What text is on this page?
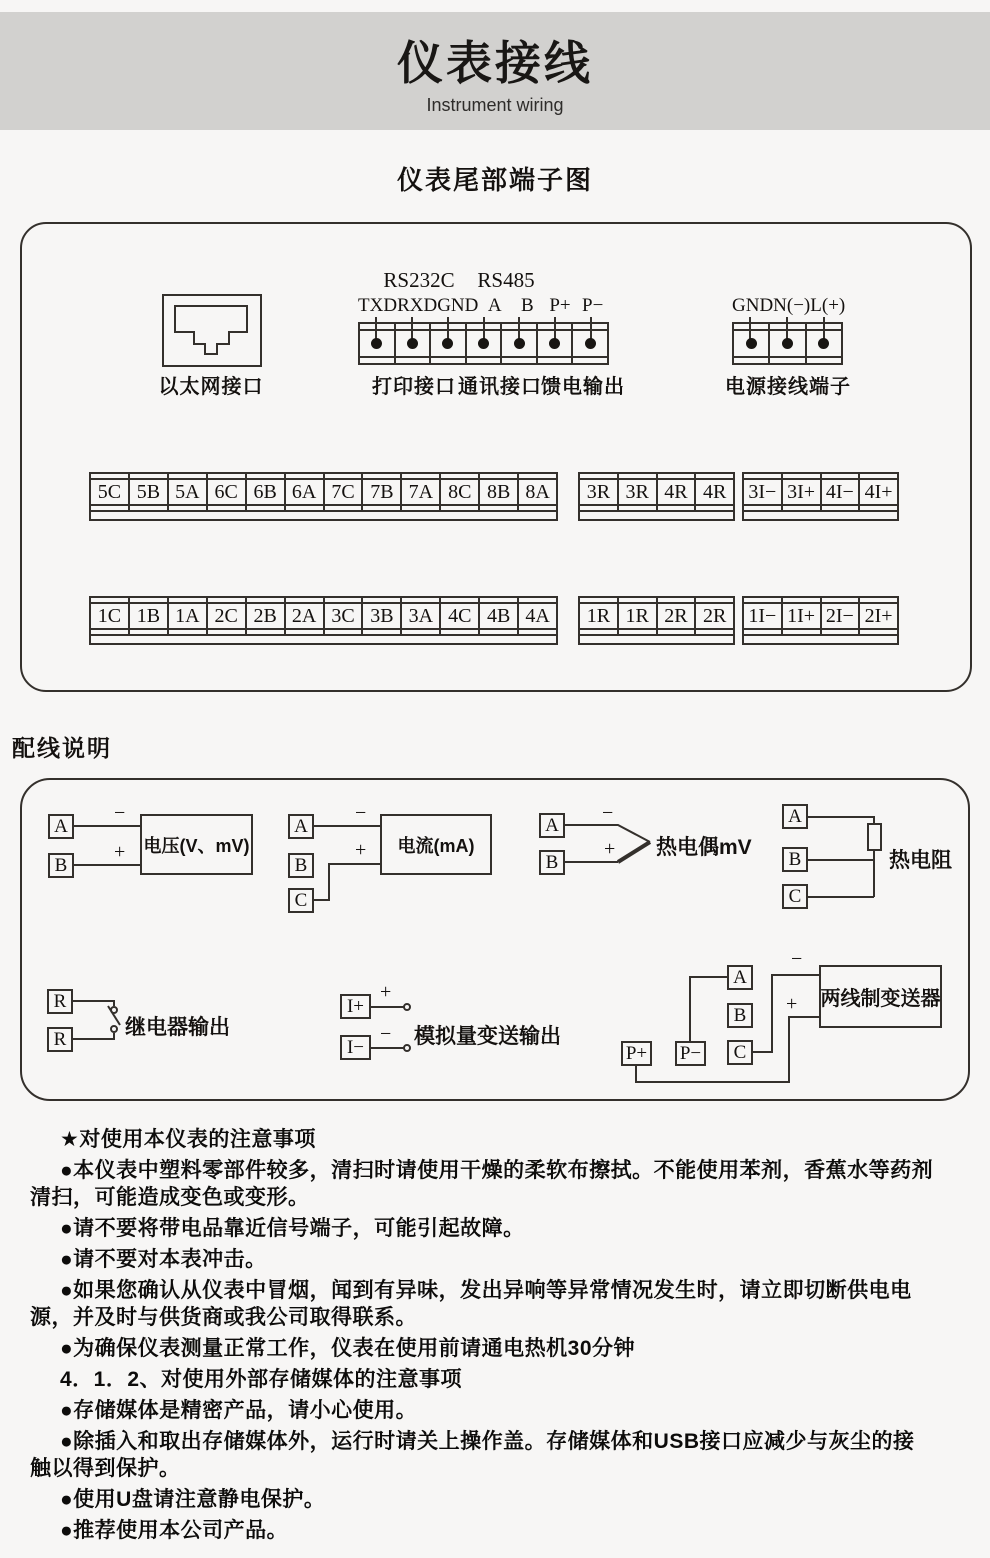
仪表接线
Instrument wiring
仪表尾部端子图
以太网接口
RS232C RS485
TXD RXD GND A	B P+ P−
打印接口 通讯接口 馈电输出
GND N(−) L(+)
电源接线端子
5C 5B 5A 6C 6B 6A 7C 7B 7A 8C 8B 8A	3R 3R 4R 4R	3I− 3I+ 4I− 4I+
1C 1B 1A 2C 2B 2A 3C 3B 3A 4C 4B 4A	1R 1R 2R 2R	1I− 1I+ 2I− 2I+
配线说明
A
B
−
+ 电压(V、mV)
A
B
C
−
+	电流(mA)
A
B
−
+ 热电偶mV
A
B
C
热电阻
R
R	继电器输出
I+
I−
+
− 模拟量变送输出
A
B
C
P+ P−
−
+ 两线制变送器

★对使用本仪表的注意事项

●本仪表中塑料零部件较多，清扫时请使用干燥的柔软布擦拭。不能使用苯剂，香蕉水等药剂清扫，可能造成变色或变形。

●请不要将带电品靠近信号端子，可能引起故障。

●请不要对本表冲击。

●如果您确认从仪表中冒烟，闻到有异味，发出异响等异常情况发生时，请立即切断供电电源，并及时与供货商或我公司取得联系。

●为确保仪表测量正常工作，仪表在使用前请通电热机30分钟

4．1．2、对使用外部存储媒体的注意事项

●存储媒体是精密产品，请小心使用。

●除插入和取出存储媒体外，运行时请关上操作盖。存储媒体和USB接口应减少与灰尘的接触以得到保护。

●使用U盘请注意静电保护。

●推荐使用本公司产品。
